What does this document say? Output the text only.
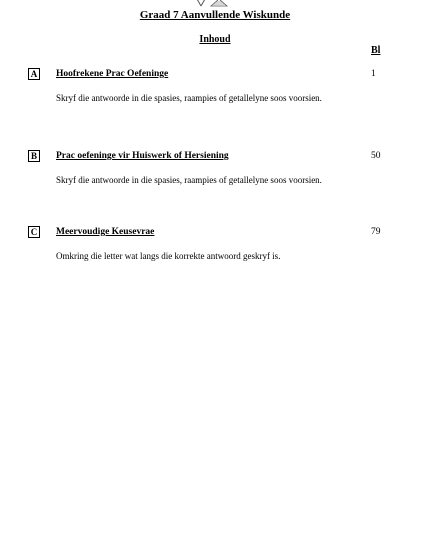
Graad 7 Aanvullende Wiskunde
Inhoud
Bl
A Hoofrekene Prac Oefeninge	1
Skryf die antwoorde in die spasies, raampies of getallelyne soos voorsien.
B	Prac oefeninge vir Huiswerk of Hersiening	50
Skryf die antwoorde in die spasies, raampies of getallelyne soos voorsien.
C Meervoudige Keusevrae	79
Omkring die letter wat langs die korrekte antwoord geskryf is.
